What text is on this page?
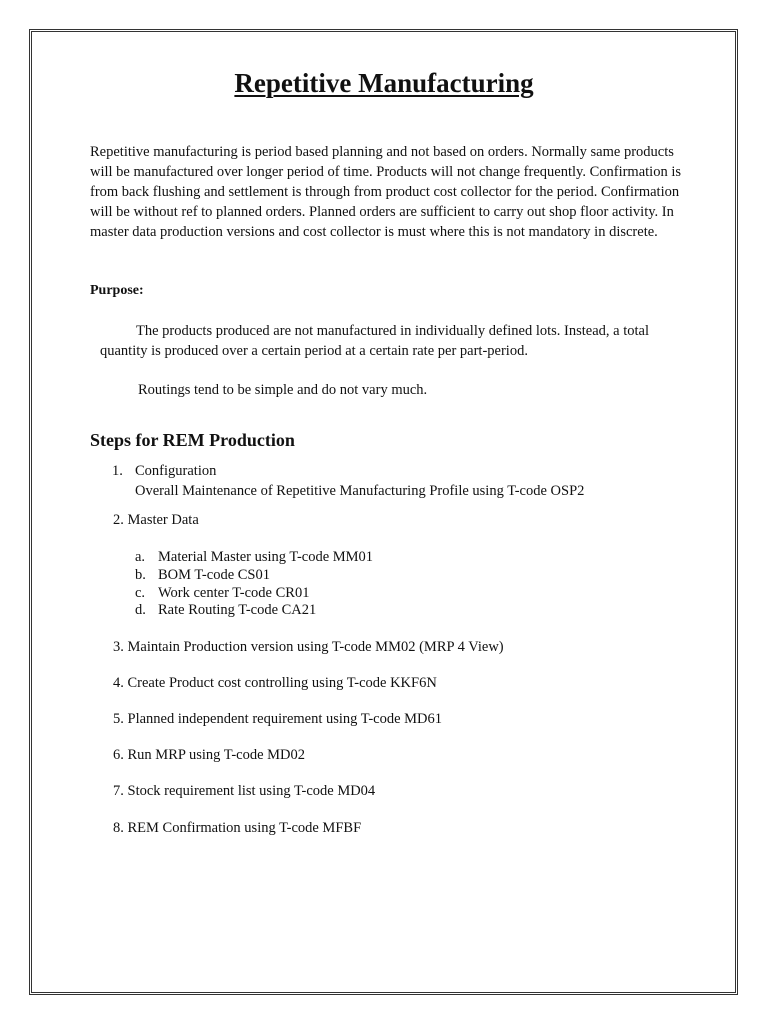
Repetitive Manufacturing

Repetitive manufacturing is period based planning and not based on orders. Normally same products will be manufactured over longer period of time. Products will not change frequently. Confirmation is from back flushing and settlement is through from product cost collector for the period. Confirmation will be without ref to planned orders. Planned orders are sufficient to carry out shop floor activity. In master data production versions and cost collector is must where this is not mandatory in discrete.

Purpose:

The products produced are not manufactured in individually defined lots. Instead, a total quantity is produced over a certain period at a certain rate per part-period.

Routings tend to be simple and do not vary much.

Steps for REM Production
1. Configuration
Overall Maintenance of Repetitive Manufacturing Profile using T-code OSP2
2. Master Data
a. Material Master using T-code MM01
b. BOM T-code CS01
c. Work center T-code CR01
d. Rate Routing T-code CA21
3. Maintain Production version using T-code MM02 (MRP 4 View)
4. Create Product cost controlling using T-code KKF6N
5. Planned independent requirement using T-code MD61
6. Run MRP using T-code MD02
7. Stock requirement list using T-code MD04
8. REM Confirmation using T-code MFBF
